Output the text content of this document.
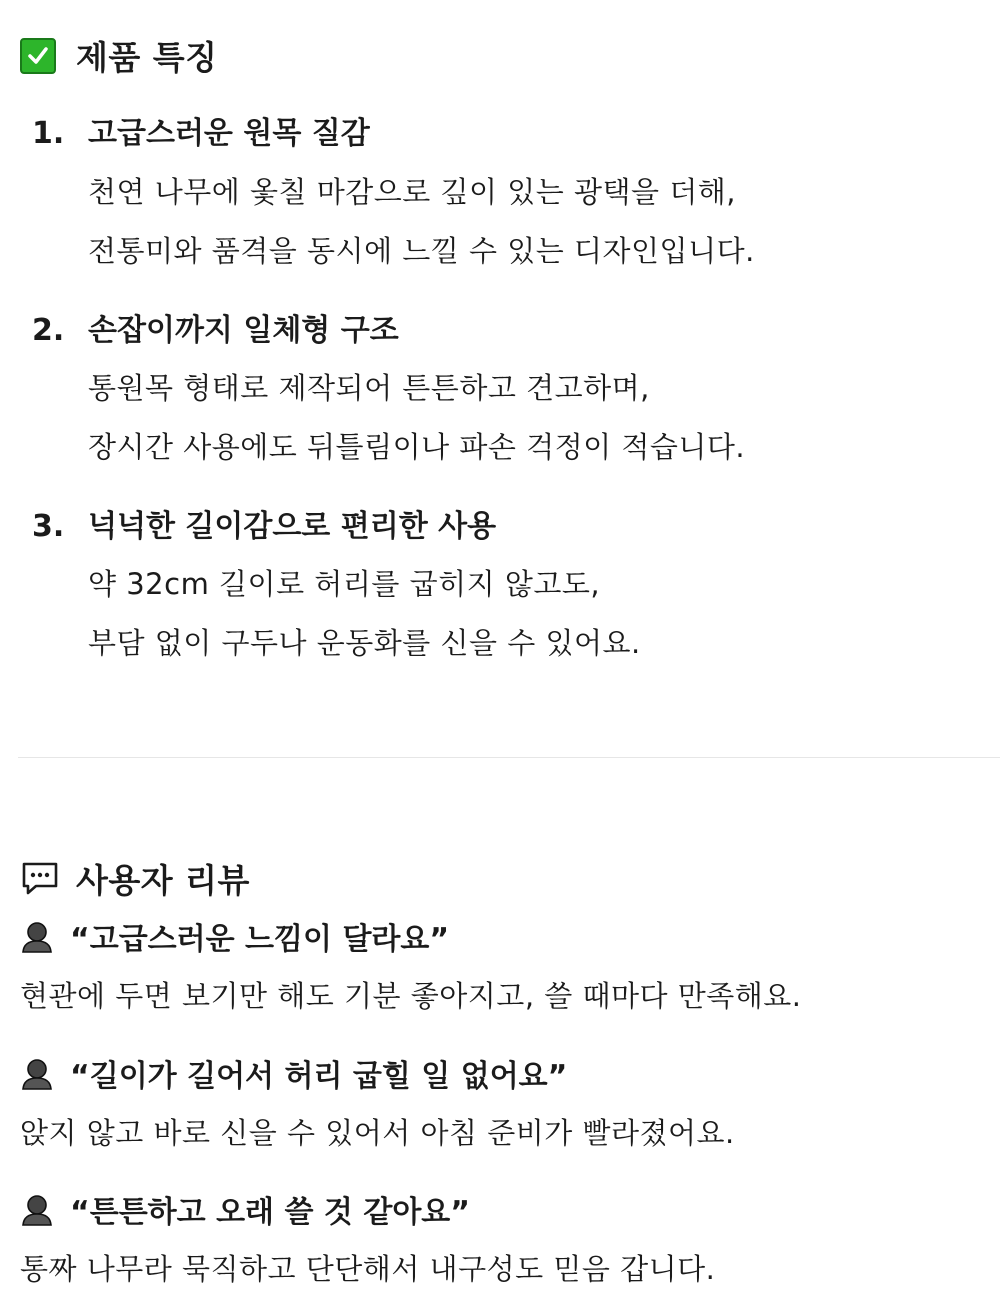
제품 특징
1. 고급스러운 원목 질감
천연 나무에 옻칠 마감으로 깊이 있는 광택을 더해,
전통미와 품격을 동시에 느낄 수 있는 디자인입니다.
2. 손잡이까지 일체형 구조
통원목 형태로 제작되어 튼튼하고 견고하며,
장시간 사용에도 뒤틀림이나 파손 걱정이 적습니다.
3. 넉넉한 길이감으로 편리한 사용
약 32cm 길이로 허리를 굽히지 않고도,
부담 없이 구두나 운동화를 신을 수 있어요.
사용자 리뷰
“고급스러운 느낌이 달라요”
현관에 두면 보기만 해도 기분 좋아지고, 쓸 때마다 만족해요.
“길이가 길어서 허리 굽힐 일 없어요”
앉지 않고 바로 신을 수 있어서 아침 준비가 빨라졌어요.
“튼튼하고 오래 쓸 것 같아요”
통짜 나무라 묵직하고 단단해서 내구성도 믿음 갑니다.
